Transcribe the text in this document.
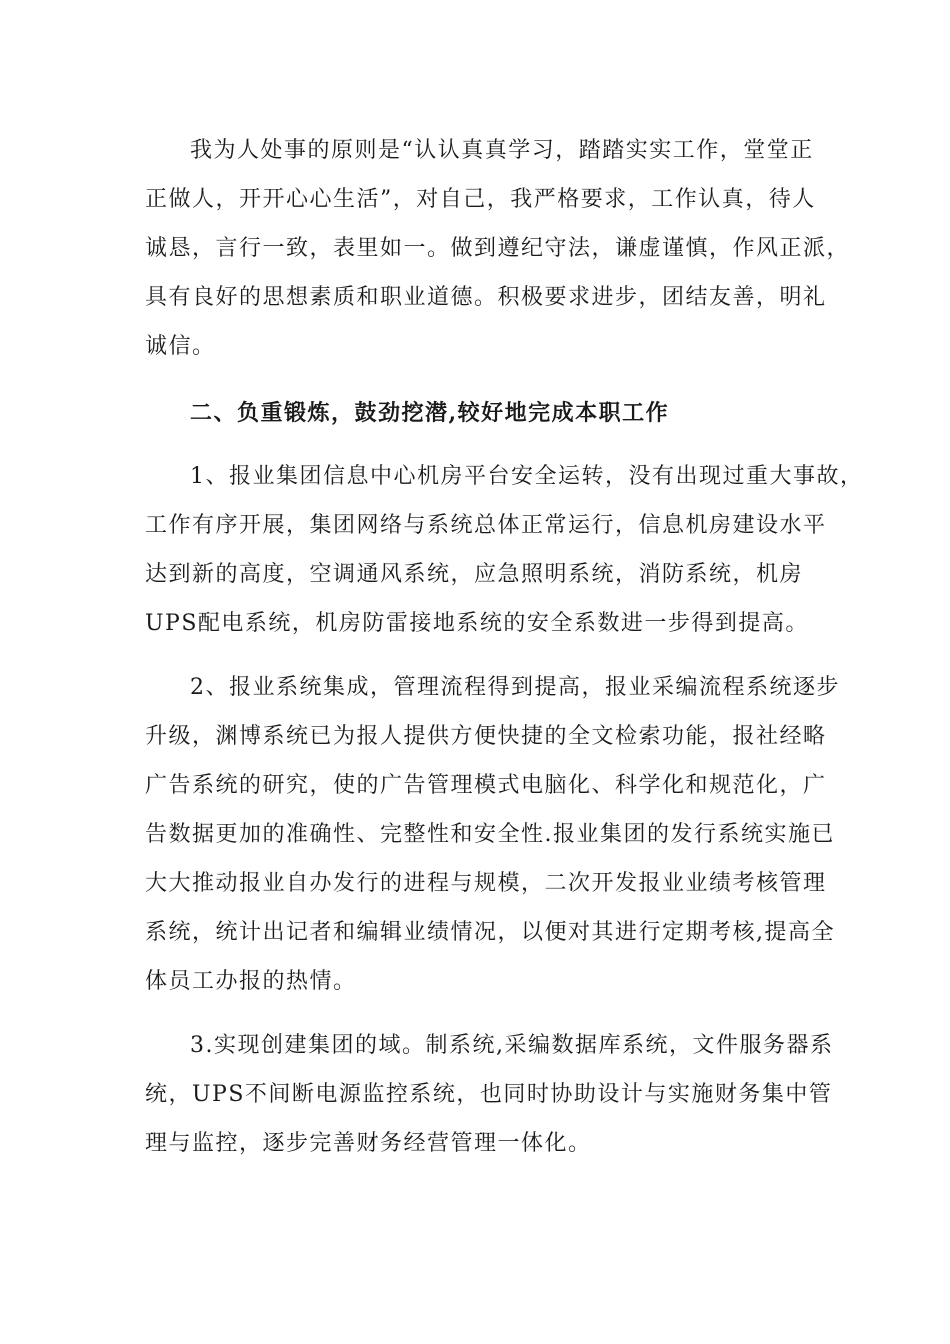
我为人处事的原则是“认认真真学习，踏踏实实工作，堂堂正
正做人，开开心心生活”，对自己，我严格要求，工作认真，待人
诚恳，言行一致，表里如一。做到遵纪守法，谦虚谨慎，作风正派，
具有良好的思想素质和职业道德。积极要求进步，团结友善，明礼
诚信。
二、负重锻炼，鼓劲挖潜,较好地完成本职工作
1、报业集团信息中心机房平台安全运转，没有出现过重大事故，
工作有序开展，集团网络与系统总体正常运行，信息机房建设水平
达到新的高度，空调通风系统，应急照明系统，消防系统，机房
UPS配电系统，机房防雷接地系统的安全系数进一步得到提高。
2、报业系统集成，管理流程得到提高，报业采编流程系统逐步
升级，渊博系统已为报人提供方便快捷的全文检索功能，报社经略
广告系统的研究，使的广告管理模式电脑化、科学化和规范化，广
告数据更加的准确性、完整性和安全性.报业集团的发行系统实施已
大大推动报业自办发行的进程与规模，二次开发报业业绩考核管理
系统，统计出记者和编辑业绩情况，以便对其进行定期考核,提高全
体员工办报的热情。
3.实现创建集团的域。制系统,采编数据库系统，文件服务器系
统，UPS不间断电源监控系统，也同时协助设计与实施财务集中管
理与监控，逐步完善财务经营管理一体化。
